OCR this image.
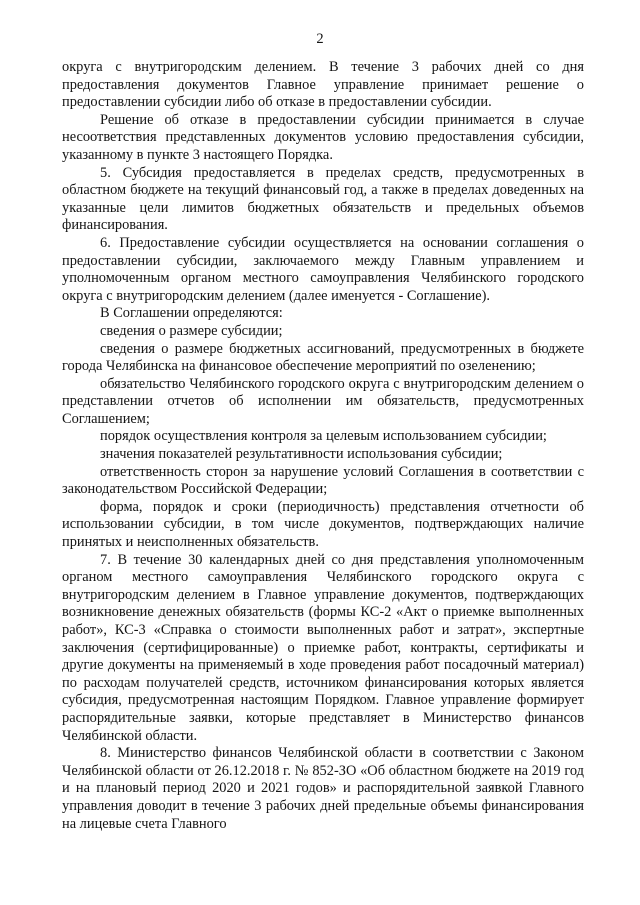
2

округа с внутригородским делением. В течение 3 рабочих дней со дня предоставления документов Главное управление принимает решение о предоставлении субсидии либо об отказе в предоставлении субсидии.

Решение об отказе в предоставлении субсидии принимается в случае несоответствия представленных документов условию предоставления субсидии, указанному в пункте 3 настоящего Порядка.

5. Субсидия предоставляется в пределах средств, предусмотренных в областном бюджете на текущий финансовый год, а также в пределах доведенных на указанные цели лимитов бюджетных обязательств и предельных объемов финансирования.

6. Предоставление субсидии осуществляется на основании соглашения о предоставлении субсидии, заключаемого между Главным управлением и уполномоченным органом местного самоуправления Челябинского городского округа с внутригородским делением (далее именуется - Соглашение).

В Соглашении определяются:

сведения о размере субсидии;

сведения о размере бюджетных ассигнований, предусмотренных в бюджете города Челябинска на финансовое обеспечение мероприятий по озеленению;

обязательство Челябинского городского округа с внутригородским делением о представлении отчетов об исполнении им обязательств, предусмотренных Соглашением;

порядок осуществления контроля за целевым использованием субсидии;

значения показателей результативности использования субсидии;

ответственность сторон за нарушение условий Соглашения в соответствии с законодательством Российской Федерации;

форма, порядок и сроки (периодичность) представления отчетности об использовании субсидии, в том числе документов, подтверждающих наличие принятых и неисполненных обязательств.

7. В течение 30 календарных дней со дня представления уполномоченным органом местного самоуправления Челябинского городского округа с внутригородским делением в Главное управление документов, подтверждающих возникновение денежных обязательств (формы КС-2 «Акт о приемке выполненных работ», КС-3 «Справка о стоимости выполненных работ и затрат», экспертные заключения (сертифицированные) о приемке работ, контракты, сертификаты и другие документы на применяемый в ходе проведения работ посадочный материал) по расходам получателей средств, источником финансирования которых является субсидия, предусмотренная настоящим Порядком. Главное управление формирует распорядительные заявки, которые представляет в Министерство финансов Челябинской области.

8. Министерство финансов Челябинской области в соответствии с Законом Челябинской области от 26.12.2018 г. № 852-ЗО «Об областном бюджете на 2019 год и на плановый период 2020 и 2021 годов» и распорядительной заявкой Главного управления доводит в течение 3 рабочих дней предельные объемы финансирования на лицевые счета Главного
